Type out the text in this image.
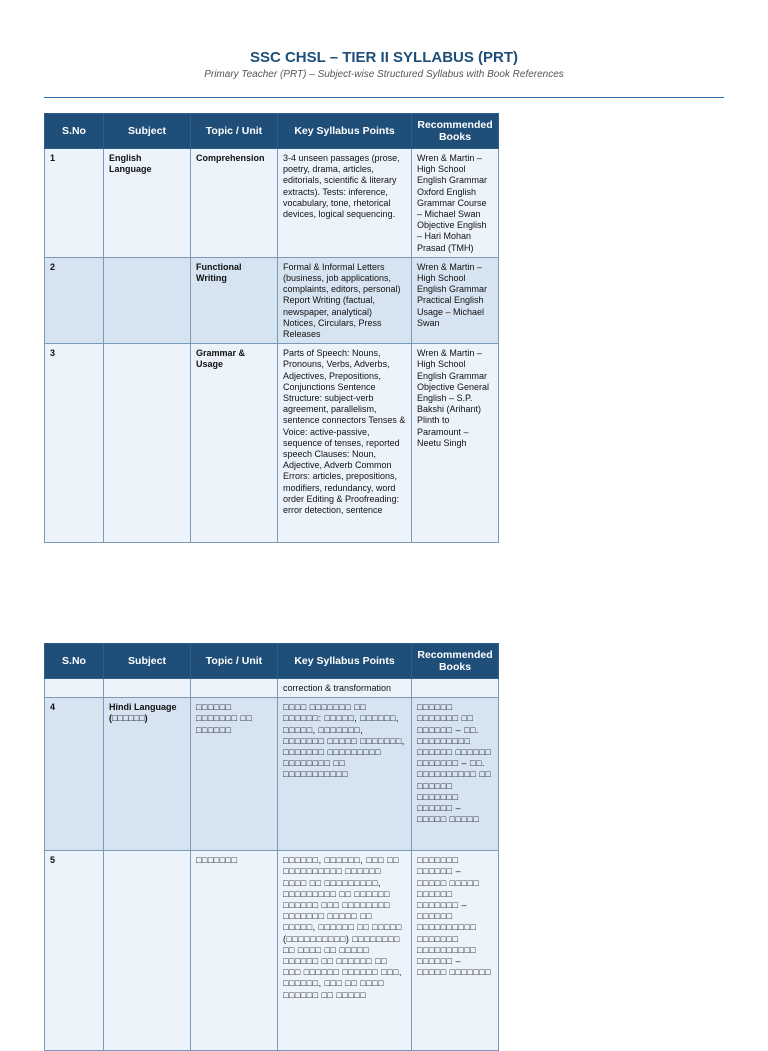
SSC CHSL – TIER II SYLLABUS (PRT)
Primary Teacher (PRT) – Subject-wise Structured Syllabus with Book References
S.No	Subject	Topic / Unit	Key Syllabus Points	Recommended Books
1	English Language	Comprehension	3-4 unseen passages (prose, poetry, drama, articles, editorials, scientific & literary extracts). Tests: inference, vocabulary, tone, rhetorical devices, logical sequencing.	Wren & Martin – High School English Grammar Oxford English Grammar Course – Michael Swan Objective English – Hari Mohan Prasad (TMH)
2		Functional Writing	Formal & Informal Letters (business, job applications, complaints, editors, personal) Report Writing (factual, newspaper, analytical) Notices, Circulars, Press Releases	Wren & Martin – High School English Grammar Practical English Usage – Michael Swan
3		Grammar & Usage	Parts of Speech: Nouns, Pronouns, Verbs, Adverbs, Adjectives, Prepositions, Conjunctions Sentence Structure: subject-verb agreement, parallelism, sentence connectors Tenses & Voice: active-passive, sequence of tenses, reported speech Clauses: Noun, Adjective, Adverb Common Errors: articles, prepositions, modifiers, redundancy, word order Editing & Proofreading: error detection, sentence	Wren & Martin – High School English Grammar Objective General English – S.P. Bakshi (Arihant) Plinth to Paramount – Neetu Singh
S.No	Subject	Topic / Unit	Key Syllabus Points	Recommended Books
			correction & transformation	
4	Hindi Language (□□□□□□)	□□□□□□ □□□□□□□ □□ □□□□□□	□□□□ □□□□□□□ □□ □□□□□□: □□□□□, □□□□□□, □□□□□, □□□□□□□, □□□□□□□ □□□□□ □□□□□□□, □□□□□□□ □□□□□□□□□ □□□□□□□□ □□ □□□□□□□□□□□	□□□□□□ □□□□□□□ □□ □□□□□□ – □□. □□□□□□□□□ □□□□□□ □□□□□□ □□□□□□□ – □□. □□□□□□□□□□ □□ □□□□□□ □□□□□□□ □□□□□□ – □□□□□ □□□□□
5		□□□□□□□	□□□□□□, □□□□□□, □□□ □□ □□□□□□□□□□ □□□□□□ □□□□ □□ □□□□□□□□□, □□□□□□□□□ □□ □□□□□□ □□□□□□ □□□ □□□□□□□□ □□□□□□□ □□□□□ □□ □□□□□, □□□□□□ □□ □□□□□ (□□□□□□□□□□) □□□□□□□□ □□ □□□□ □□ □□□□□ □□□□□□ □□ □□□□□□ □□ □□□ □□□□□□ □□□□□□ □□□, □□□□□□, □□□ □□ □□□□ □□□□□□ □□ □□□□□	□□□□□□□ □□□□□□ – □□□□□ □□□□□ □□□□□□ □□□□□□□ – □□□□□□ □□□□□□□□□□ □□□□□□□ □□□□□□□□□□ □□□□□□ – □□□□□ □□□□□□□
